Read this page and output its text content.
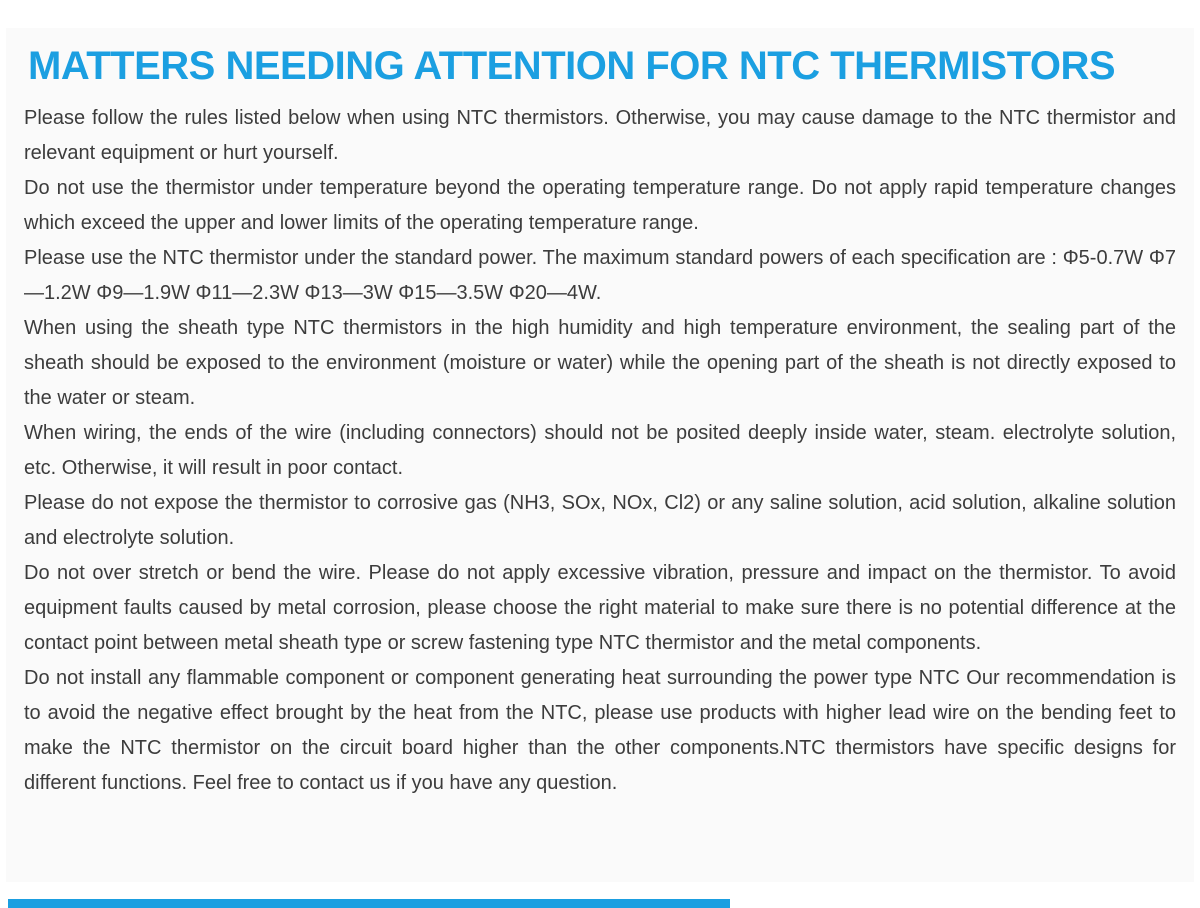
MATTERS NEEDING ATTENTION FOR NTC THERMISTORS

Please follow the rules listed below when using NTC thermistors. Otherwise, you may cause damage to the NTC thermistor and relevant equipment or hurt yourself.

Do not use the thermistor under temperature beyond the operating temperature range. Do not apply rapid temperature changes which exceed the upper and lower limits of the operating temperature range.

Please use the NTC thermistor under the standard power. The maximum standard powers of each specification are : Φ5-0.7W Φ7—1.2W Φ9—1.9W Φ11—2.3W Φ13—3W Φ15—3.5W Φ20—4W.

When using the sheath type NTC thermistors in the high humidity and high temperature environment, the sealing part of the sheath should be exposed to the environment (moisture or water) while the opening part of the sheath is not directly exposed to the water or steam.

When wiring, the ends of the wire (including connectors) should not be posited deeply inside water, steam. electrolyte solution, etc. Otherwise, it will result in poor contact.

Please do not expose the thermistor to corrosive gas (NH3, SOx, NOx, Cl2) or any saline solution, acid solution, alkaline solution and electrolyte solution.

Do not over stretch or bend the wire. Please do not apply excessive vibration, pressure and impact on the thermistor. To avoid equipment faults caused by metal corrosion, please choose the right material to make sure there is no potential difference at the contact point between metal sheath type or screw fastening type NTC thermistor and the metal components.

Do not install any flammable component or component generating heat surrounding the power type NTC Our recommendation is to avoid the negative effect brought by the heat from the NTC, please use products with higher lead wire on the bending feet to make the NTC thermistor on the circuit board higher than the other components.NTC thermistors have specific designs for different functions. Feel free to contact us if you have any question.
